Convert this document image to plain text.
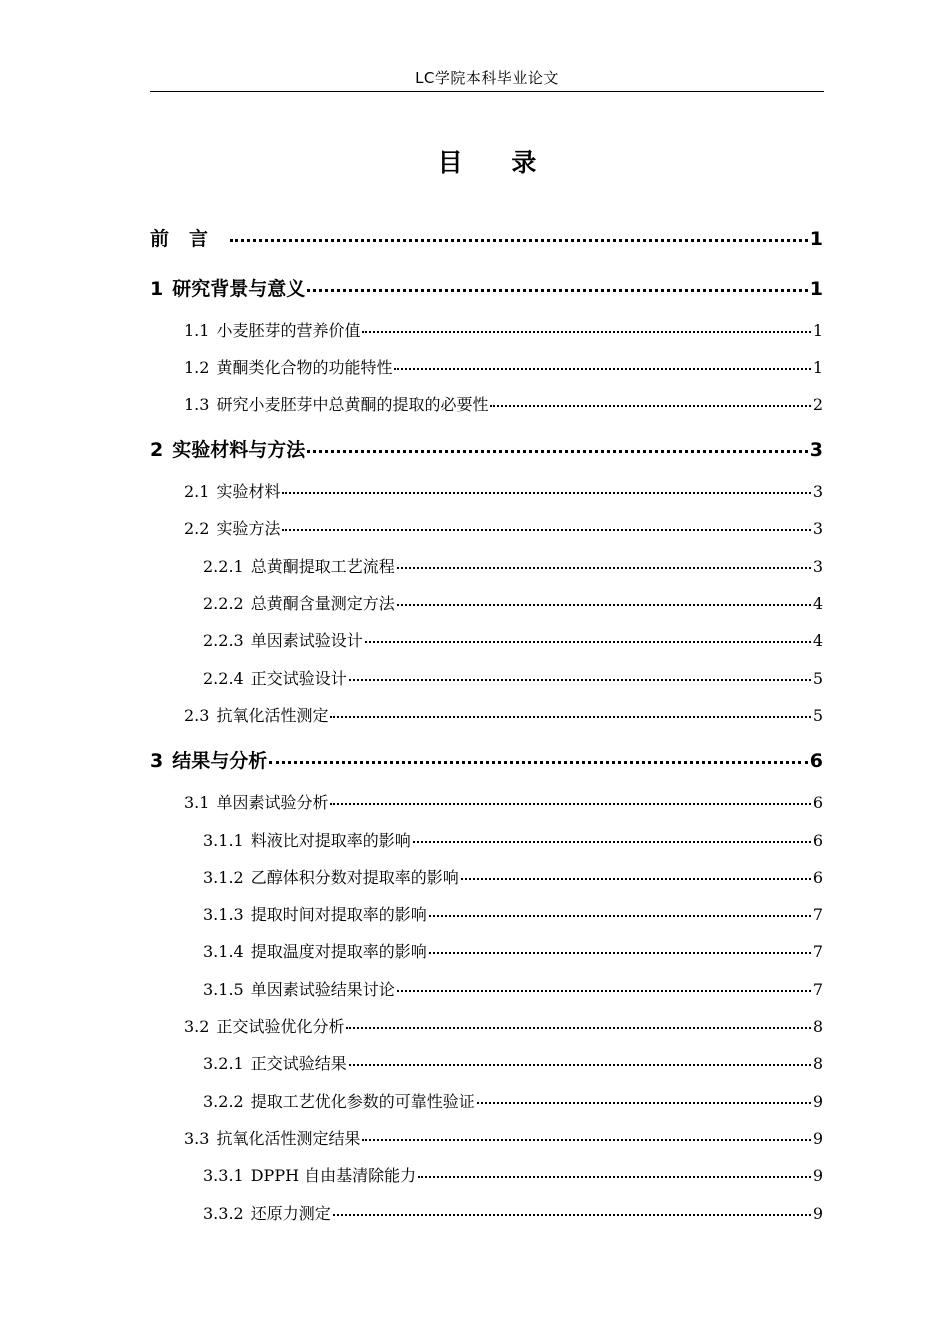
LC学院本科毕业论文
目 录
前言	1
1 研究背景与意义	1
1.1 小麦胚芽的营养价值	1
1.2 黄酮类化合物的功能特性	1
1.3 研究小麦胚芽中总黄酮的提取的必要性	2
2 实验材料与方法	3
2.1 实验材料	3
2.2 实验方法	3
2.2.1 总黄酮提取工艺流程	3
2.2.2 总黄酮含量测定方法	4
2.2.3 单因素试验设计	4
2.2.4 正交试验设计	5
2.3 抗氧化活性测定	5
3 结果与分析	6
3.1 单因素试验分析	6
3.1.1 料液比对提取率的影响	6
3.1.2 乙醇体积分数对提取率的影响	6
3.1.3 提取时间对提取率的影响	7
3.1.4 提取温度对提取率的影响	7
3.1.5 单因素试验结果讨论	7
3.2 正交试验优化分析	8
3.2.1 正交试验结果	8
3.2.2 提取工艺优化参数的可靠性验证	9
3.3 抗氧化活性测定结果	9
3.3.1 DPPH 自由基清除能力	9
3.3.2 还原力测定	9
